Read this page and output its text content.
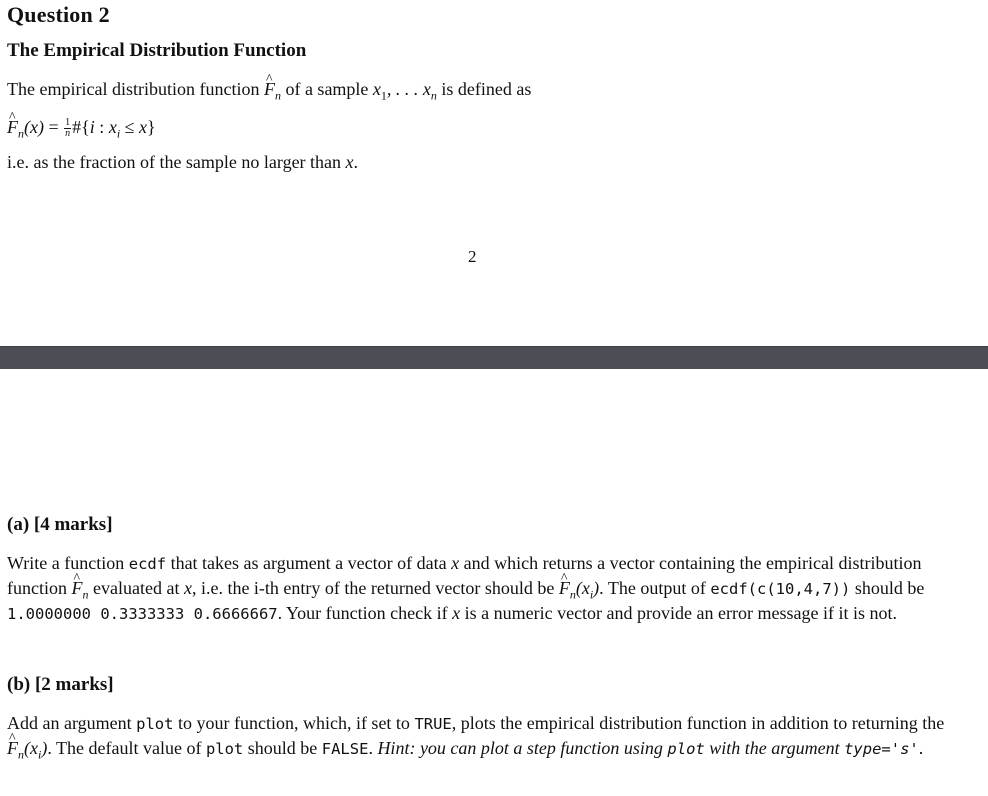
Question 2
The Empirical Distribution Function
The empirical distribution function ^ $F_n$ of a sample $x_1$, . . . $x_n$ is defined as
^ $F_n(x) = \frac{1}{n}$ #{i : $x_i \le x$}
i.e. as the fraction of the sample no larger than x.
2
(a) [4 marks]
Write a function ecdf that takes as argument a vector of data x and which returns a vector containing the empirical distribution function ^ $F_n$ evaluated at x, i.e. the i-th entry of the returned vector should be ^ $F_n(x_i)$. The output of ecdf(c(10,4,7)) should be 1.0000000 0.3333333 0.6666667. Your function check if x is a numeric vector and provide an error message if it is not.
(b) [2 marks]
Add an argument plot to your function, which, if set to TRUE, plots the empirical distribution function in addition to returning the ^ $F_n(x_i)$. The default value of plot should be FALSE. Hint: you can plot a step function using plot with the argument type='s'.
